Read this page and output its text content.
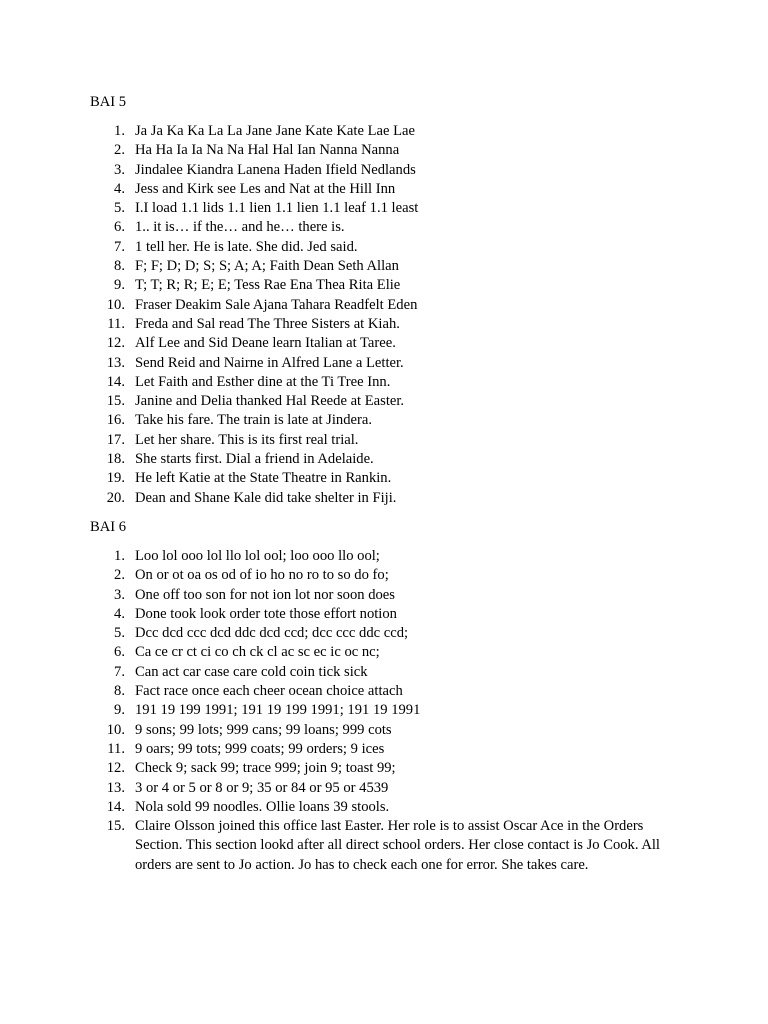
BAI 5
1. Ja Ja Ka Ka La La Jane Jane Kate Kate Lae Lae
2. Ha Ha Ia Ia Na Na Hal Hal Ian Nanna Nanna
3. Jindalee Kiandra Lanena Haden Ifield Nedlands
4. Jess and Kirk see Les and Nat at the Hill Inn
5. I.I load 1.1 lids 1.1 lien 1.1 lien 1.1 leaf 1.1 least
6. 1.. it is… if the… and he… there is.
7. 1 tell her. He is late. She did. Jed said.
8. F; F; D; D; S; S; A; A; Faith Dean Seth Allan
9. T; T; R; R; E; E; Tess Rae Ena Thea Rita Elie
10. Fraser Deakim Sale Ajana Tahara Readfelt Eden
11. Freda and Sal read The Three Sisters at Kiah.
12. Alf Lee and Sid Deane learn Italian at Taree.
13. Send Reid and Nairne in Alfred Lane a Letter.
14. Let Faith and Esther dine at the Ti Tree Inn.
15. Janine and Delia thanked Hal Reede at Easter.
16. Take his fare. The train is late at Jindera.
17. Let her share. This is its first real trial.
18. She starts first. Dial a friend in Adelaide.
19. He left Katie at the State Theatre in Rankin.
20. Dean and Shane Kale did take shelter in Fiji.
BAI 6
1. Loo lol ooo lol llo lol ool; loo ooo llo ool;
2. On or ot oa os od of io ho no ro to so do fo;
3. One off too son for not ion lot nor soon does
4. Done took look order tote those effort notion
5. Dcc dcd ccc dcd ddc dcd ccd; dcc ccc ddc ccd;
6. Ca ce cr ct ci co ch ck cl ac sc ec ic oc nc;
7. Can act car case care cold coin tick sick
8. Fact race once each cheer ocean choice attach
9. 191 19 199 1991; 191 19 199 1991; 191 19 1991
10. 9 sons; 99 lots; 999 cans; 99 loans; 999 cots
11. 9 oars; 99 tots; 999 coats; 99 orders; 9 ices
12. Check 9; sack 99; trace 999; join 9; toast 99;
13. 3 or 4 or 5 or 8 or 9; 35 or 84 or 95 or 4539
14. Nola sold 99 noodles. Ollie loans 39 stools.
15. Claire Olsson joined this office last Easter. Her role is to assist Oscar Ace in the Orders Section. This section lookd after all direct school orders. Her close contact is Jo Cook. All orders are sent to Jo action. Jo has to check each one for error. She takes care.
